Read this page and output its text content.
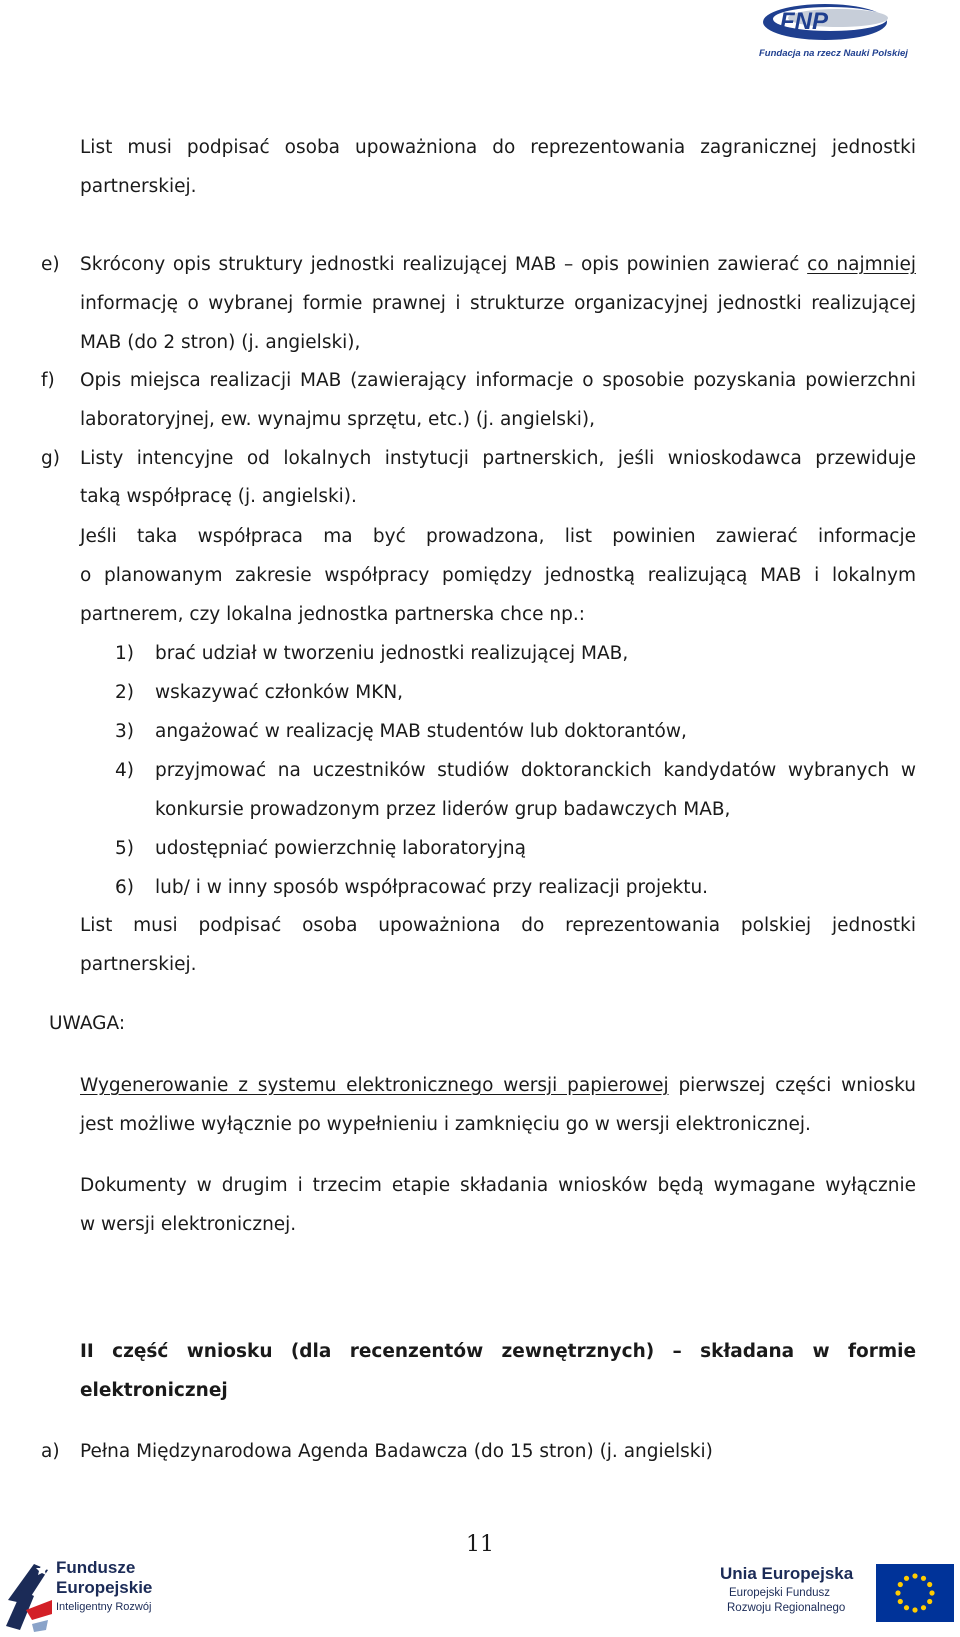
FNP
Fundacja na rzecz Nauki Polskiej
List musi podpisać osoba upoważniona do reprezentowania zagranicznej jednostki
partnerskiej.
e) Skrócony opis struktury jednostki realizującej MAB – opis powinien zawierać co najmniej
informację o wybranej formie prawnej i strukturze organizacyjnej jednostki realizującej
MAB (do 2 stron) (j. angielski),
f) Opis miejsca realizacji MAB (zawierający informacje o sposobie pozyskania powierzchni
laboratoryjnej, ew. wynajmu sprzętu, etc.) (j. angielski),
g) Listy intencyjne od lokalnych instytucji partnerskich, jeśli wnioskodawca przewiduje
taką współpracę (j. angielski).
Jeśli taka współpraca ma być prowadzona, list powinien zawierać informacje
o planowanym zakresie współpracy pomiędzy jednostką realizującą MAB i lokalnym
partnerem, czy lokalna jednostka partnerska chce np.:
1) brać udział w tworzeniu jednostki realizującej MAB,
2) wskazywać członków MKN,
3) angażować w realizację MAB studentów lub doktorantów,
4) przyjmować na uczestników studiów doktoranckich kandydatów wybranych w
konkursie prowadzonym przez liderów grup badawczych MAB,
5) udostępniać powierzchnię laboratoryjną
6) lub/ i w inny sposób współpracować przy realizacji projektu.
List musi podpisać osoba upoważniona do reprezentowania polskiej jednostki
partnerskiej.
UWAGA:
Wygenerowanie z systemu elektronicznego wersji papierowej pierwszej części wniosku
jest możliwe wyłącznie po wypełnieniu i zamknięciu go w wersji elektronicznej.
Dokumenty w drugim i trzecim etapie składania wniosków będą wymagane wyłącznie
w wersji elektronicznej.
II część wniosku (dla recenzentów zewnętrznych) – składana w formie
elektronicznej
a) Pełna Międzynarodowa Agenda Badawcza (do 15 stron) (j. angielski)
11
Fundusze
Europejskie
Inteligentny Rozwój
Unia Europejska
Europejski Fundusz
Rozwoju Regionalnego
